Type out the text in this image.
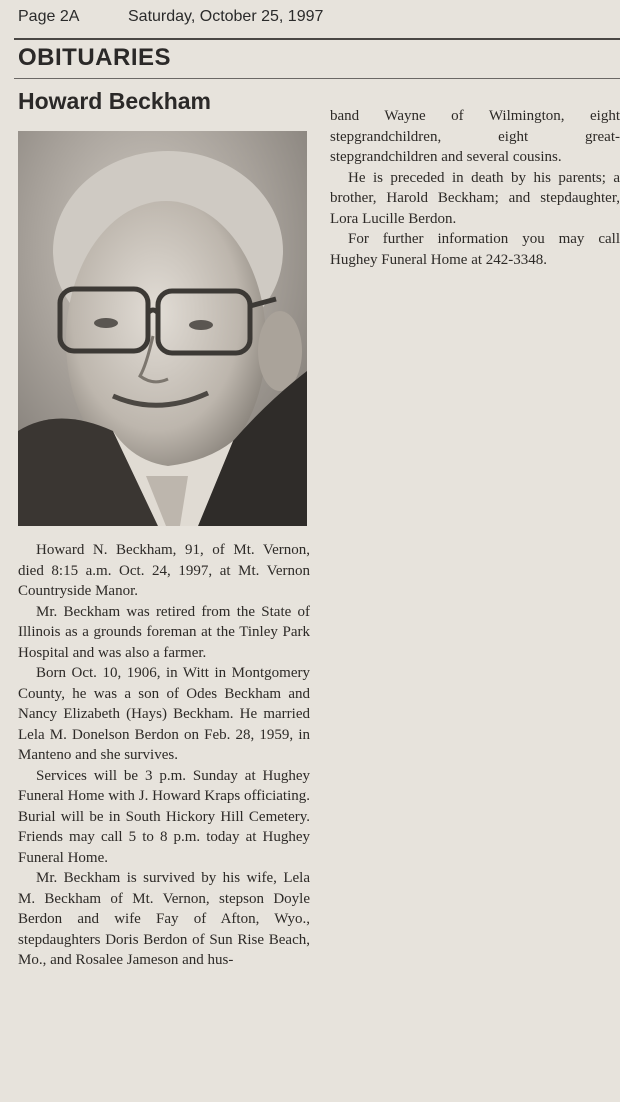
Page 2A	Saturday, October 25, 1997
OBITUARIES
Howard Beckham

Howard N. Beckham, 91, of Mt. Vernon, died 8:15 a.m. Oct. 24, 1997, at Mt. Vernon Countryside Manor.

Mr. Beckham was retired from the State of Illinois as a grounds foreman at the Tinley Park Hospital and was also a farmer.

Born Oct. 10, 1906, in Witt in Montgomery County, he was a son of Odes Beckham and Nancy Elizabeth (Hays) Beckham. He married Lela M. Donelson Berdon on Feb. 28, 1959, in Manteno and she survives.

Services will be 3 p.m. Sunday at Hughey Funeral Home with J. Howard Kraps officiating. Burial will be in South Hickory Hill Cemetery. Friends may call 5 to 8 p.m. today at Hughey Funeral Home.

Mr. Beckham is survived by his wife, Lela M. Beckham of Mt. Vernon, stepson Doyle Berdon and wife Fay of Afton, Wyo., stepdaughters Doris Berdon of Sun Rise Beach, Mo., and Rosalee Jameson and hus-

band Wayne of Wilmington, eight stepgrandchildren, eight great-stepgrandchildren and several cousins.

He is preceded in death by his parents; a brother, Harold Beckham; and stepdaughter, Lora Lucille Berdon.

For further information you may call Hughey Funeral Home at 242-3348.
